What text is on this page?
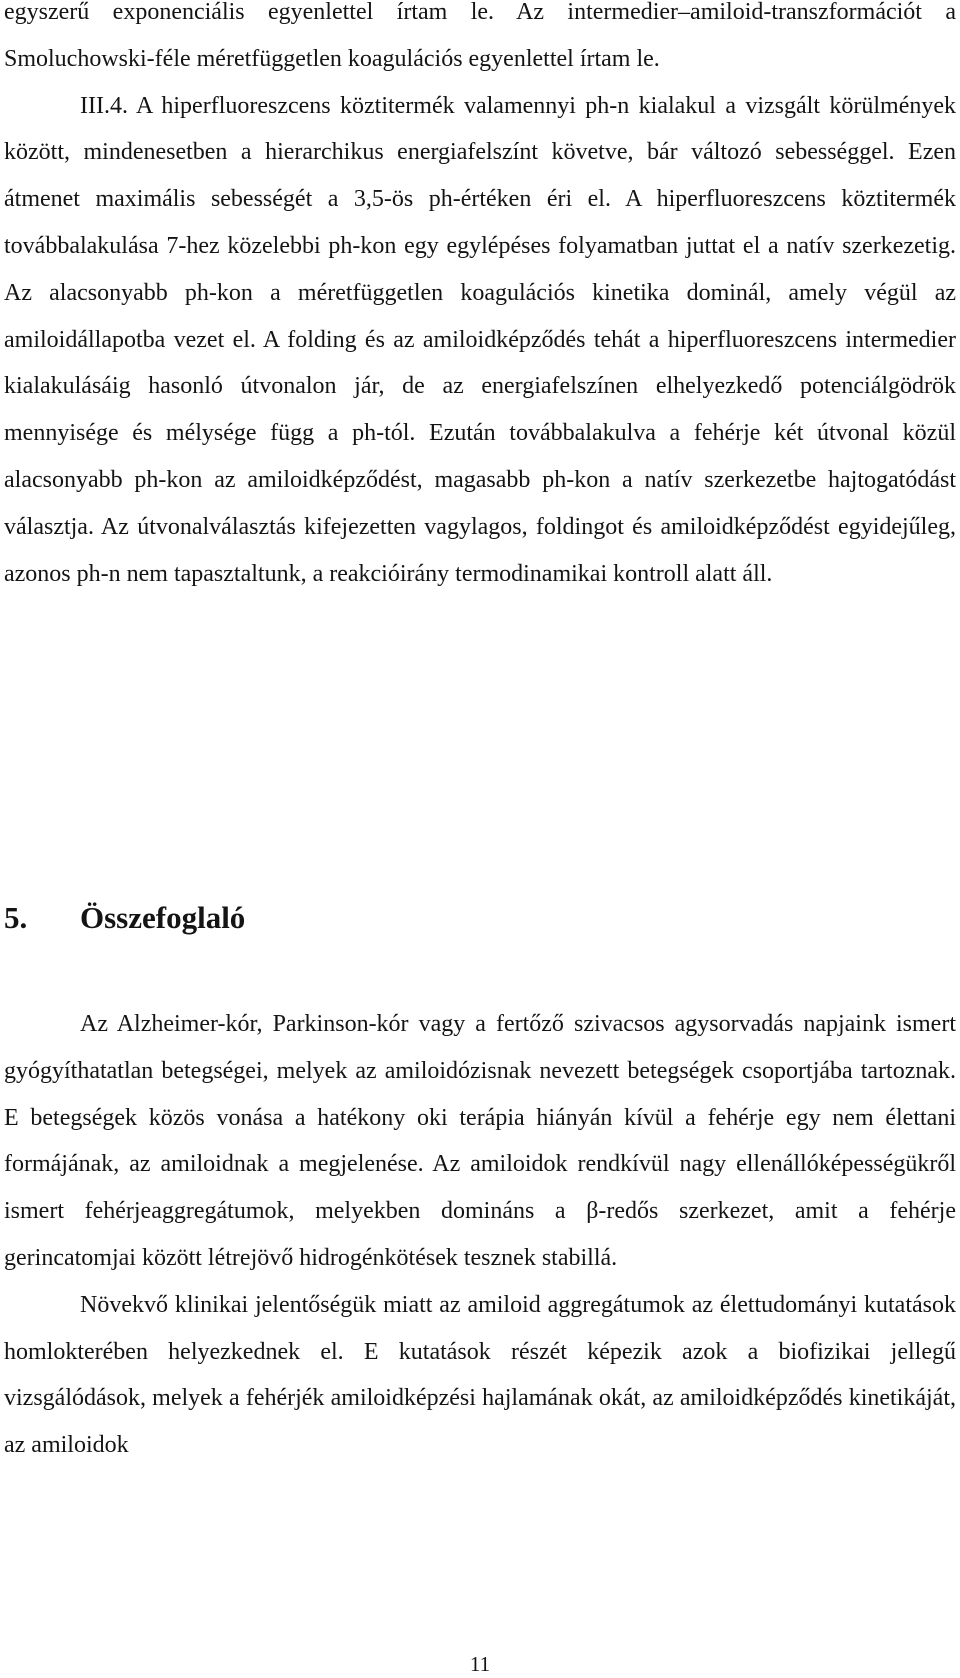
egyszerű exponenciális egyenlettel írtam le. Az intermedier–amiloid-transzformációt a Smoluchowski-féle méretfüggetlen koagulációs egyenlettel írtam le.

III.4. A hiperfluoreszcens köztitermék valamennyi ph-n kialakul a vizsgált körülmények között, mindenesetben a hierarchikus energiafelszínt követve, bár változó sebességgel. Ezen átmenet maximális sebességét a 3,5-ös ph-értéken éri el. A hiperfluoreszcens köztitermék továbbalakulása 7-hez közelebbi ph-kon egy egylépéses folyamatban juttat el a natív szerkezetig. Az alacsonyabb ph-kon a méretfüggetlen koagulációs kinetika dominál, amely végül az amiloidállapotba vezet el. A folding és az amiloidképződés tehát a hiperfluoreszcens intermedier kialakulásáig hasonló útvonalon jár, de az energiafelszínen elhelyezkedő potenciálgödrök mennyisége és mélysége függ a ph-tól. Ezután továbbalakulva a fehérje két útvonal közül alacsonyabb ph-kon az amiloidképződést, magasabb ph-kon a natív szerkezetbe hajtogatódást választja. Az útvonalválasztás kifejezetten vagylagos, foldingot és amiloidképződést egyidejűleg, azonos ph-n nem tapasztaltunk, a reakcióirány termodinamikai kontroll alatt áll.

5. Összefoglaló

Az Alzheimer-kór, Parkinson-kór vagy a fertőző szivacsos agysorvadás napjaink ismert gyógyíthatatlan betegségei, melyek az amiloidózisnak nevezett betegségek csoportjába tartoznak. E betegségek közös vonása a hatékony oki terápia hiányán kívül a fehérje egy nem élettani formájának, az amiloidnak a megjelenése. Az amiloidok rendkívül nagy ellenállóképességükről ismert fehérjeaggregátumok, melyekben domináns a β-redős szerkezet, amit a fehérje gerincatomjai között létrejövő hidrogénkötések tesznek stabillá.

Növekvő klinikai jelentőségük miatt az amiloid aggregátumok az élettudományi kutatások homlokterében helyezkednek el. E kutatások részét képezik azok a biofizikai jellegű vizsgálódások, melyek a fehérjék amiloidképzési hajlamának okát, az amiloidképződés kinetikáját, az amiloidok

11
